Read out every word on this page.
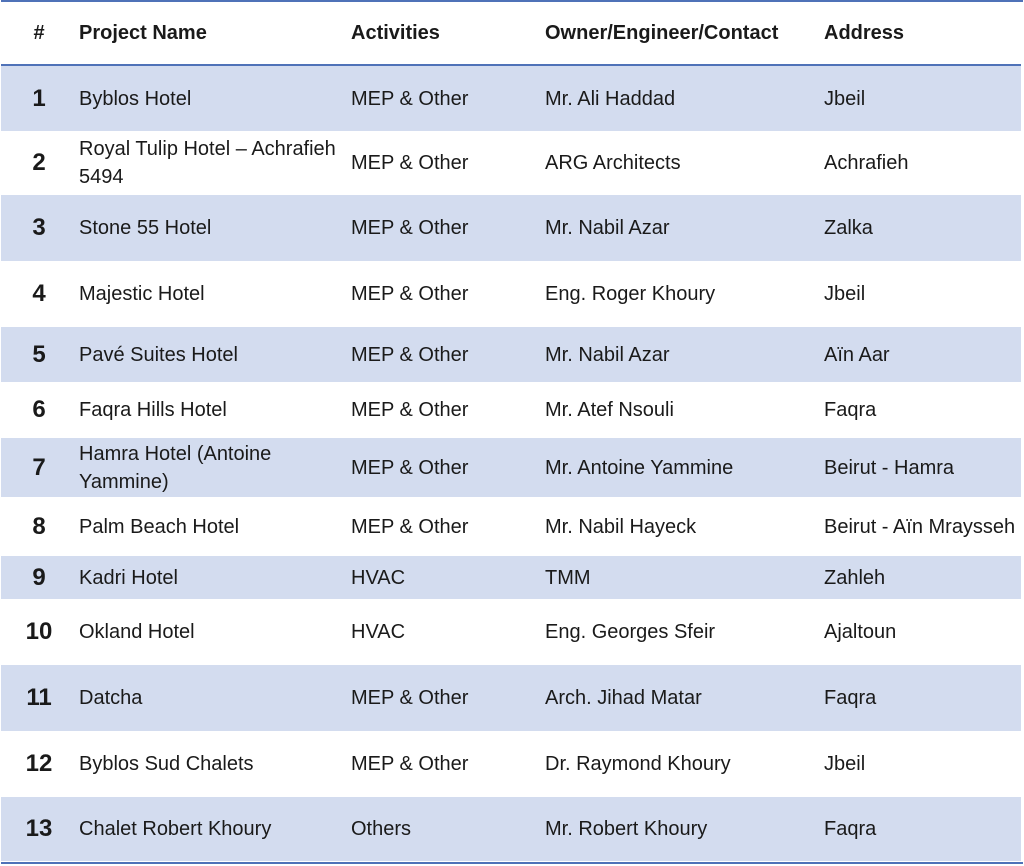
#	Project Name	Activities	Owner/Engineer/Contact	Address
1	Byblos Hotel	MEP & Other	Mr. Ali Haddad	Jbeil
2	Royal Tulip Hotel – Achrafieh 5494	MEP & Other	ARG Architects	Achrafieh
3	Stone 55 Hotel	MEP & Other	Mr. Nabil Azar	Zalka
4	Majestic Hotel	MEP & Other	Eng. Roger Khoury	Jbeil
5	Pavé Suites Hotel	MEP & Other	Mr. Nabil Azar	Aïn Aar
6	Faqra Hills Hotel	MEP & Other	Mr. Atef Nsouli	Faqra
7	Hamra Hotel (Antoine Yammine)	MEP & Other	Mr. Antoine Yammine	Beirut - Hamra
8	Palm Beach Hotel	MEP & Other	Mr. Nabil Hayeck	Beirut - Aïn Mraysseh
9	Kadri Hotel	HVAC	TMM	Zahleh
10	Okland Hotel	HVAC	Eng. Georges Sfeir	Ajaltoun
11	Datcha	MEP & Other	Arch. Jihad Matar	Faqra
12	Byblos Sud Chalets	MEP & Other	Dr. Raymond Khoury	Jbeil
13	Chalet Robert Khoury	Others	Mr. Robert Khoury	Faqra
